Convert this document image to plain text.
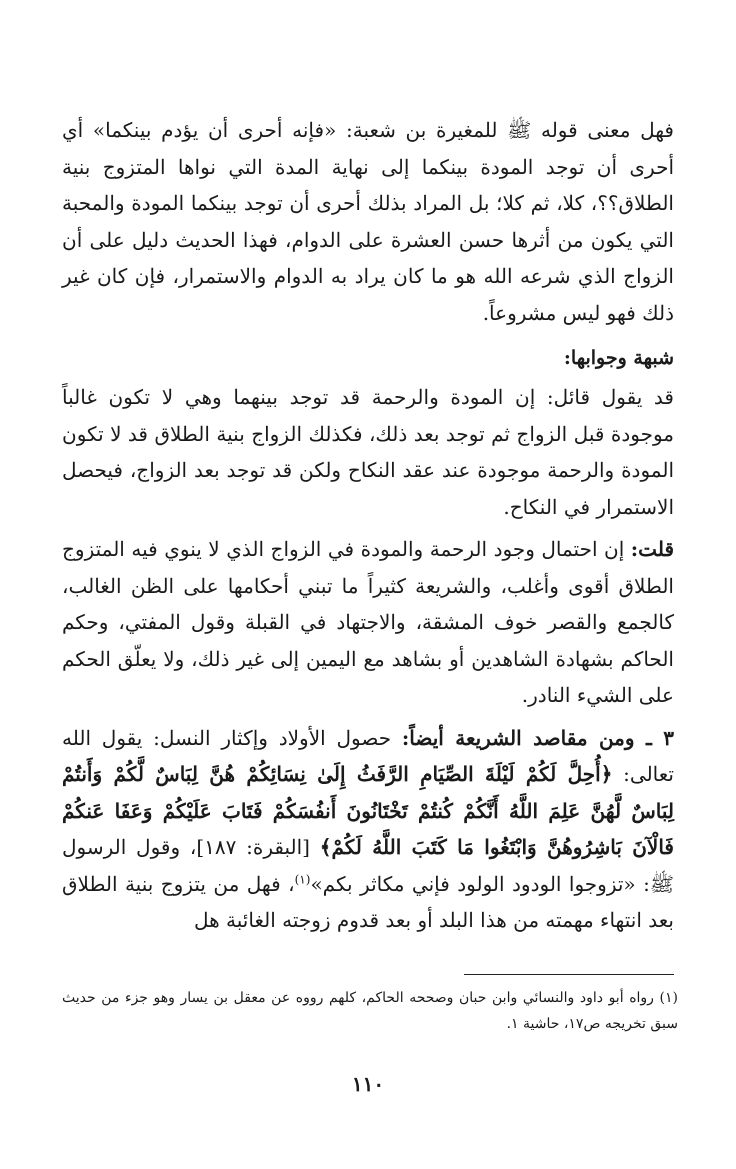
فهل معنى قوله ﷺ للمغيرة بن شعبة: «فإنه أحرى أن يؤدم بينكما» أي أحرى أن توجد المودة بينكما إلى نهاية المدة التي نواها المتزوج بنية الطلاق؟؟، كلا، ثم كلا؛ بل المراد بذلك أحرى أن توجد بينكما المودة والمحبة التي يكون من أثرها حسن العشرة على الدوام، فهذا الحديث دليل على أن الزواج الذي شرعه الله هو ما كان يراد به الدوام والاستمرار، فإن كان غير ذلك فهو ليس مشروعاً.

شبهة وجوابها:

قد يقول قائل: إن المودة والرحمة قد توجد بينهما وهي لا تكون غالباً موجودة قبل الزواج ثم توجد بعد ذلك، فكذلك الزواج بنية الطلاق قد لا تكون المودة والرحمة موجودة عند عقد النكاح ولكن قد توجد بعد الزواج، فيحصل الاستمرار في النكاح.

قلت: إن احتمال وجود الرحمة والمودة في الزواج الذي لا ينوي فيه المتزوج الطلاق أقوى وأغلب، والشريعة كثيراً ما تبني أحكامها على الظن الغالب، كالجمع والقصر خوف المشقة، والاجتهاد في القبلة وقول المفتي، وحكم الحاكم بشهادة الشاهدين أو بشاهد مع اليمين إلى غير ذلك، ولا يعلّق الحكم على الشيء النادر.

٣ ـ ومن مقاصد الشريعة أيضاً: حصول الأولاد وإكثار النسل: يقول الله تعالى: ﴿أُحِلَّ لَكُمْ لَيْلَةَ الصِّيَامِ الرَّفَثُ إِلَىٰ نِسَائِكُمْ هُنَّ لِبَاسٌ لَّكُمْ وَأَنتُمْ لِبَاسٌ لَّهُنَّ عَلِمَ اللَّهُ أَنَّكُمْ كُنتُمْ تَخْتَانُونَ أَنفُسَكُمْ فَتَابَ عَلَيْكُمْ وَعَفَا عَنكُمْ فَالْآنَ بَاشِرُوهُنَّ وَابْتَغُوا مَا كَتَبَ اللَّهُ لَكُمْ﴾ [البقرة: ١٨٧]، وقول الرسول ﷺ: «تزوجوا الودود الولود فإني مكاثر بكم»$^{(١)}$، فهل من يتزوج بنية الطلاق بعد انتهاء مهمته من هذا البلد أو بعد قدوم زوجته الغائبة هل

(١) رواه أبو داود والنسائي وابن حبان وصححه الحاكم، كلهم رووه عن معقل بن يسار وهو جزء من حديث سبق تخريجه ص١٧، حاشية ١.

١١٠
